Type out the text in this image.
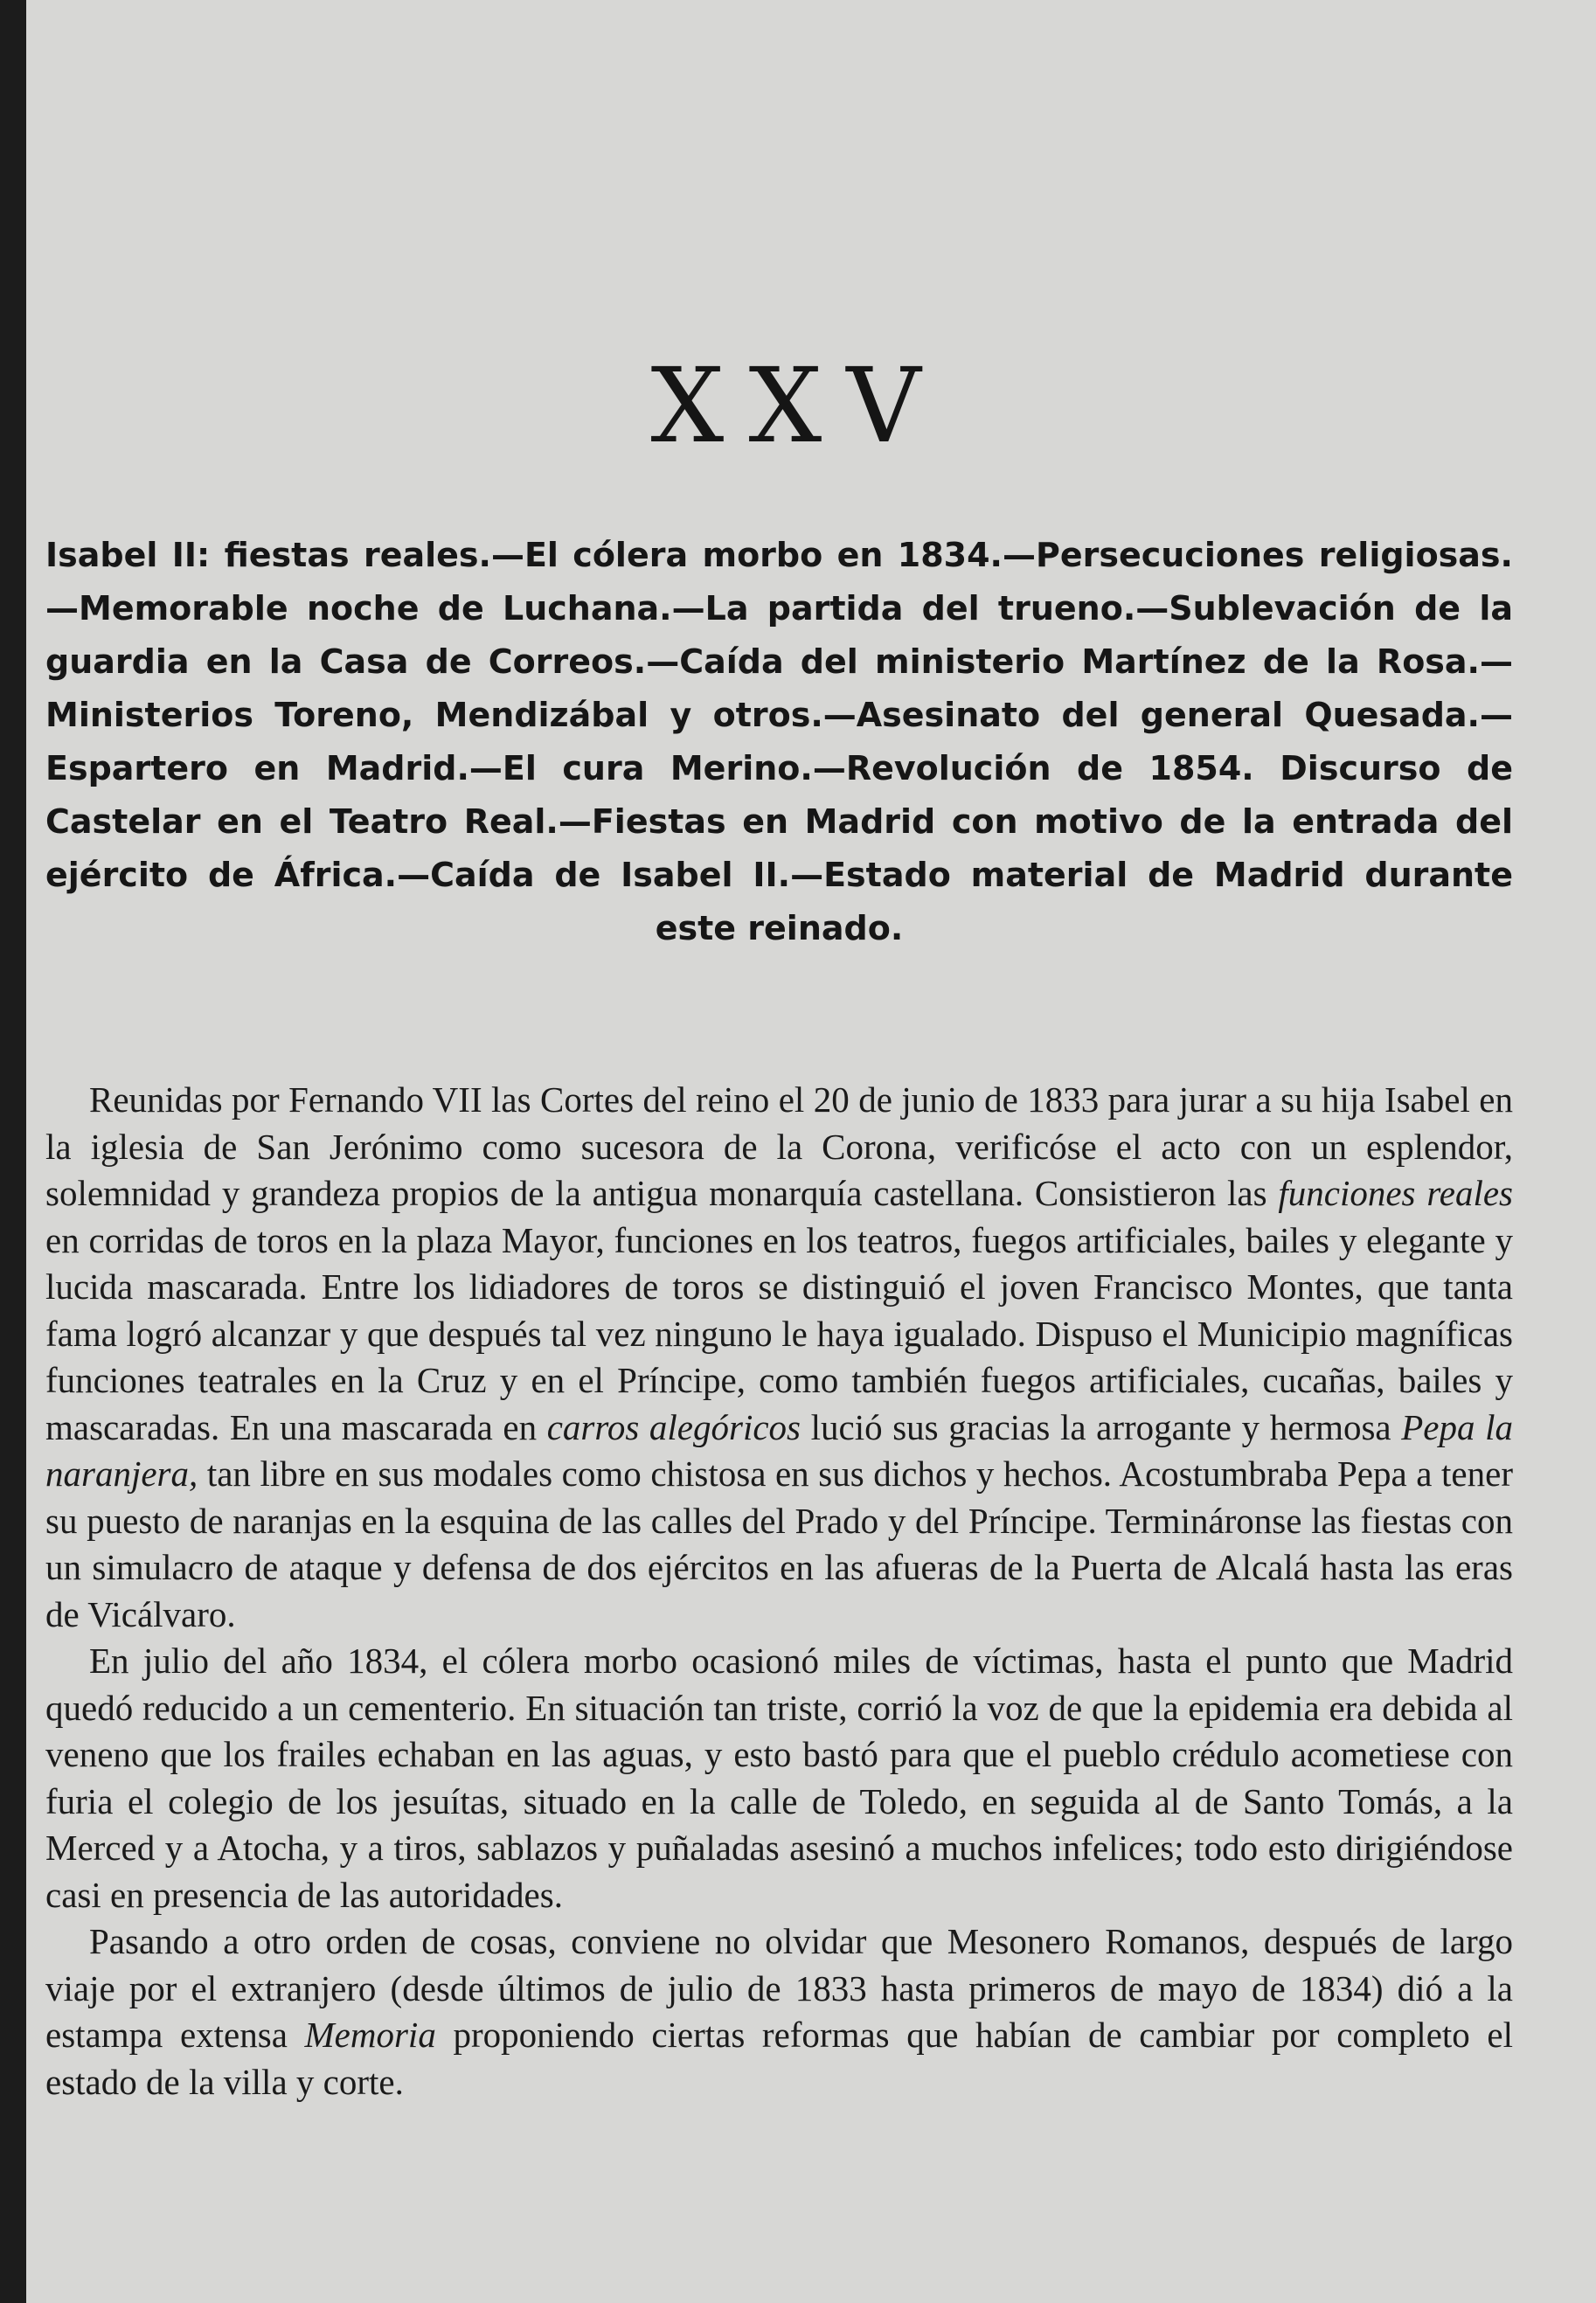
XXV
Isabel II: fiestas reales.—El cólera morbo en 1834.—Persecuciones religiosas.—Memorable noche de Luchana.—La partida del trueno.—Sublevación de la guardia en la Casa de Correos.—Caída del ministerio Martínez de la Rosa.—Ministerios Toreno, Mendizábal y otros.—Asesinato del general Quesada.—Espartero en Madrid.—El cura Merino.—Revolución de 1854. Discurso de Castelar en el Teatro Real.—Fiestas en Madrid con motivo de la entrada del ejército de África.—Caída de Isabel II.—Estado material de Madrid durante este reinado.

Reunidas por Fernando VII las Cortes del reino el 20 de junio de 1833 para jurar a su hija Isabel en la iglesia de San Jerónimo como sucesora de la Corona, verificóse el acto con un esplendor, solemnidad y grandeza propios de la antigua monarquía castellana. Consistieron las funciones reales en corridas de toros en la plaza Mayor, funciones en los teatros, fuegos artificiales, bailes y elegante y lucida mascarada. Entre los lidiadores de toros se distinguió el joven Francisco Montes, que tanta fama logró alcanzar y que después tal vez ninguno le haya igualado. Dispuso el Municipio magníficas funciones teatrales en la Cruz y en el Príncipe, como también fuegos artificiales, cucañas, bailes y mascaradas. En una mascarada en carros alegóricos lució sus gracias la arrogante y hermosa Pepa la naranjera, tan libre en sus modales como chistosa en sus dichos y hechos. Acostumbraba Pepa a tener su puesto de naranjas en la esquina de las calles del Prado y del Príncipe. Termináronse las fiestas con un simulacro de ataque y defensa de dos ejércitos en las afueras de la Puerta de Alcalá hasta las eras de Vicálvaro.

En julio del año 1834, el cólera morbo ocasionó miles de víctimas, hasta el punto que Madrid quedó reducido a un cementerio. En situación tan triste, corrió la voz de que la epidemia era debida al veneno que los frailes echaban en las aguas, y esto bastó para que el pueblo crédulo acometiese con furia el colegio de los jesuítas, situado en la calle de Toledo, en seguida al de Santo Tomás, a la Merced y a Atocha, y a tiros, sablazos y puñaladas asesinó a muchos infelices; todo esto dirigiéndose casi en presencia de las autoridades.

Pasando a otro orden de cosas, conviene no olvidar que Mesonero Romanos, después de largo viaje por el extranjero (desde últimos de julio de 1833 hasta primeros de mayo de 1834) dió a la estampa extensa Memoria proponiendo ciertas reformas que habían de cambiar por completo el estado de la villa y corte.
